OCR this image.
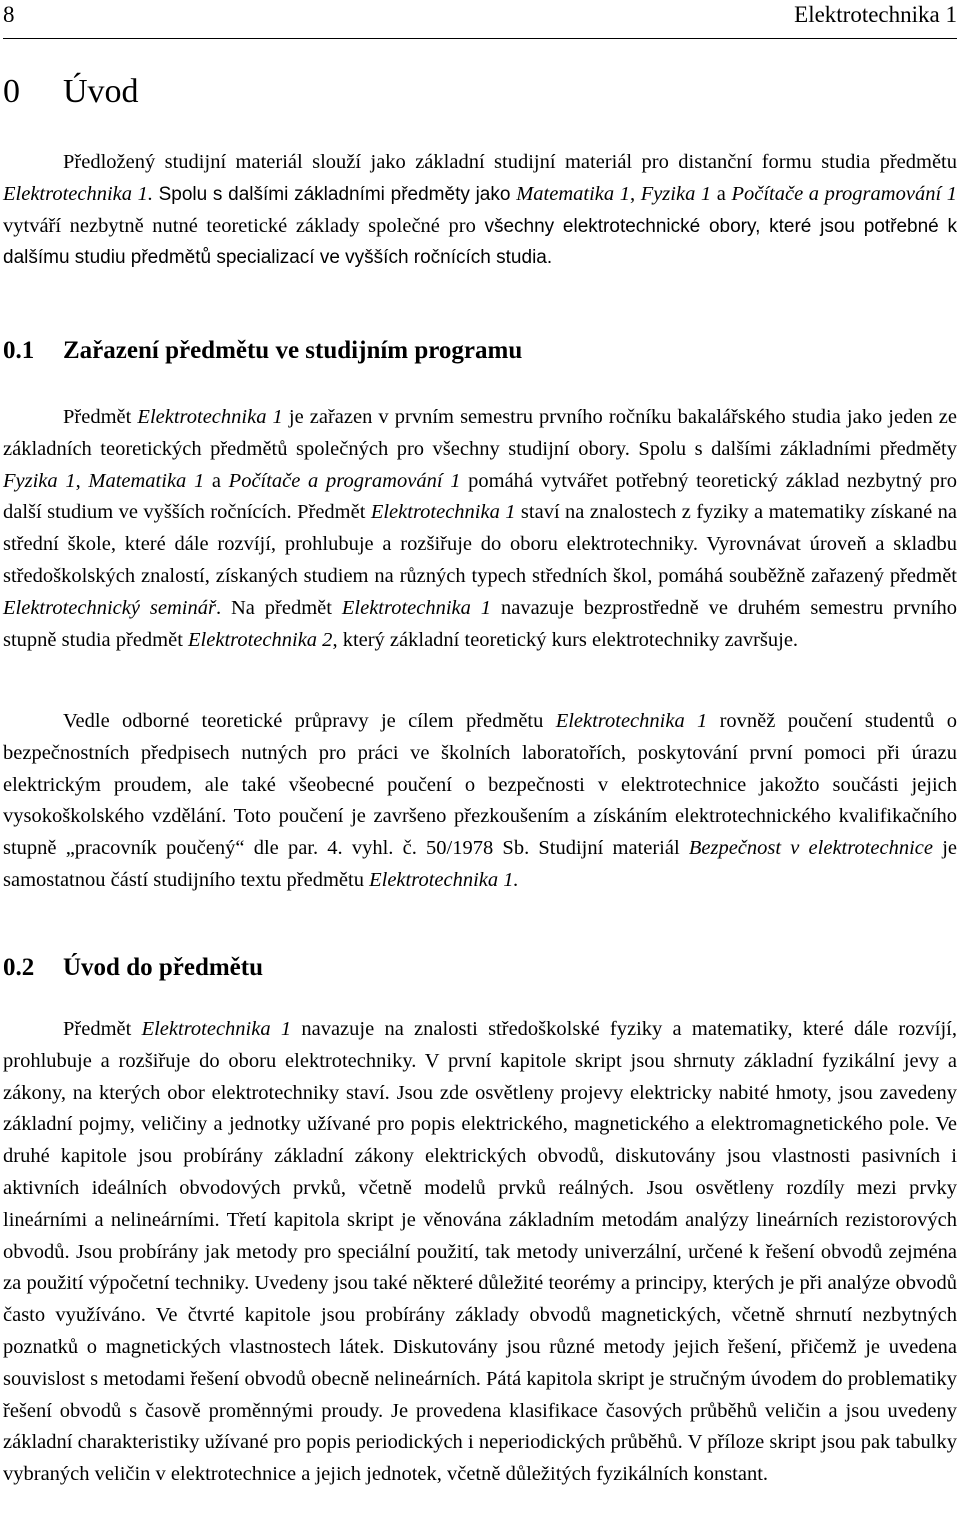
8	Elektrotechnika 1
0 Úvod

Předložený studijní materiál slouží jako základní studijní materiál pro distanční formu studia předmětu Elektrotechnika 1. Spolu s dalšími základními předměty jako Matematika 1, Fyzika 1 a Počítače a programování 1 vytváří nezbytně nutné teoretické základy společné pro všechny elektrotechnické obory, které jsou potřebné k dalšímu studiu předmětů specializací ve vyšších ročnících studia.

0.1 Zařazení předmětu ve studijním programu

Předmět Elektrotechnika 1 je zařazen v prvním semestru prvního ročníku bakalářského studia jako jeden ze základních teoretických předmětů společných pro všechny studijní obory. Spolu s dalšími základními předměty Fyzika 1, Matematika 1 a Počítače a programování 1 pomáhá vytvářet potřebný teoretický základ nezbytný pro další studium ve vyšších ročnících. Předmět Elektrotechnika 1 staví na znalostech z fyziky a matematiky získané na střední škole, které dále rozvíjí, prohlubuje a rozšiřuje do oboru elektrotechniky. Vyrovnávat úroveň a skladbu středoškolských znalostí, získaných studiem na různých typech středních škol, pomáhá souběžně zařazený předmět Elektrotechnický seminář. Na předmět Elektrotechnika 1 navazuje bezprostředně ve druhém semestru prvního stupně studia předmět Elektrotechnika 2, který základní teoretický kurs elektrotechniky završuje.

Vedle odborné teoretické průpravy je cílem předmětu Elektrotechnika 1 rovněž poučení studentů o bezpečnostních předpisech nutných pro práci ve školních laboratořích, poskytování první pomoci při úrazu elektrickým proudem, ale také všeobecné poučení o bezpečnosti v elektrotechnice jakožto součásti jejich vysokoškolského vzdělání. Toto poučení je završeno přezkoušením a získáním elektrotechnického kvalifikačního stupně „pracovník poučený“ dle par. 4. vyhl. č. 50/1978 Sb. Studijní materiál Bezpečnost v elektrotechnice je samostatnou částí studijního textu předmětu Elektrotechnika 1.

0.2 Úvod do předmětu

Předmět Elektrotechnika 1 navazuje na znalosti středoškolské fyziky a matematiky, které dále rozvíjí, prohlubuje a rozšiřuje do oboru elektrotechniky. V první kapitole skript jsou shrnuty základní fyzikální jevy a zákony, na kterých obor elektrotechniky staví. Jsou zde osvětleny projevy elektricky nabité hmoty, jsou zavedeny základní pojmy, veličiny a jednotky užívané pro popis elektrického, magnetického a elektromagnetického pole. Ve druhé kapitole jsou probírány základní zákony elektrických obvodů, diskutovány jsou vlastnosti pasivních i aktivních ideálních obvodových prvků, včetně modelů prvků reálných. Jsou osvětleny rozdíly mezi prvky lineárními a nelineárními. Třetí kapitola skript je věnována základním metodám analýzy lineárních rezistorových obvodů. Jsou probírány jak metody pro speciální použití, tak metody univerzální, určené k řešení obvodů zejména za použití výpočetní techniky. Uvedeny jsou také některé důležité teorémy a principy, kterých je při analýze obvodů často využíváno. Ve čtvrté kapitole jsou probírány základy obvodů magnetických, včetně shrnutí nezbytných poznatků o magnetických vlastnostech látek. Diskutovány jsou různé metody jejich řešení, přičemž je uvedena souvislost s metodami řešení obvodů obecně nelineárních. Pátá kapitola skript je stručným úvodem do problematiky řešení obvodů s časově proměnnými proudy. Je provedena klasifikace časových průběhů veličin a jsou uvedeny základní charakteristiky užívané pro popis periodických i neperiodických průběhů. V příloze skript jsou pak tabulky vybraných veličin v elektrotechnice a jejich jednotek, včetně důležitých fyzikálních konstant.
